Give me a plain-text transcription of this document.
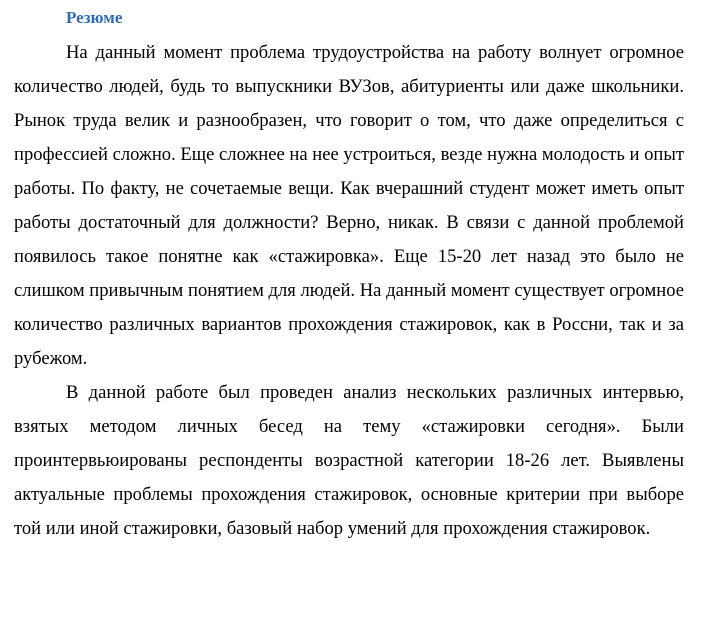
Резюме

На данный момент проблема трудоустройства на работу волнует огромное количество людей, будь то выпускники ВУЗов, абитуриенты или даже школьники. Рынок труда велик и разнообразен, что говорит о том, что даже определиться с профессией сложно. Еще сложнее на нее устроиться, везде нужна молодость и опыт работы. По факту, не сочетаемые вещи. Как вчерашний студент может иметь опыт работы достаточный для должности? Верно, никак. В связи с данной проблемой появилось такое понятне как «стажировка». Еще 15-20 лет назад это было не слишком привычным понятием для людей. На данный момент существует огромное количество различных вариантов прохождения стажировок, как в Россни, так и за рубежом.

В данной работе был проведен анализ нескольких различных интервью, взятых методом личных бесед на тему «стажировки сегодня». Были проинтервьюированы респонденты возрастной категории 18-26 лет. Выявлены актуальные проблемы прохождения стажировок, основные критерии при выборе той или иной стажировки, базовый набор умений для прохождения стажировок.
